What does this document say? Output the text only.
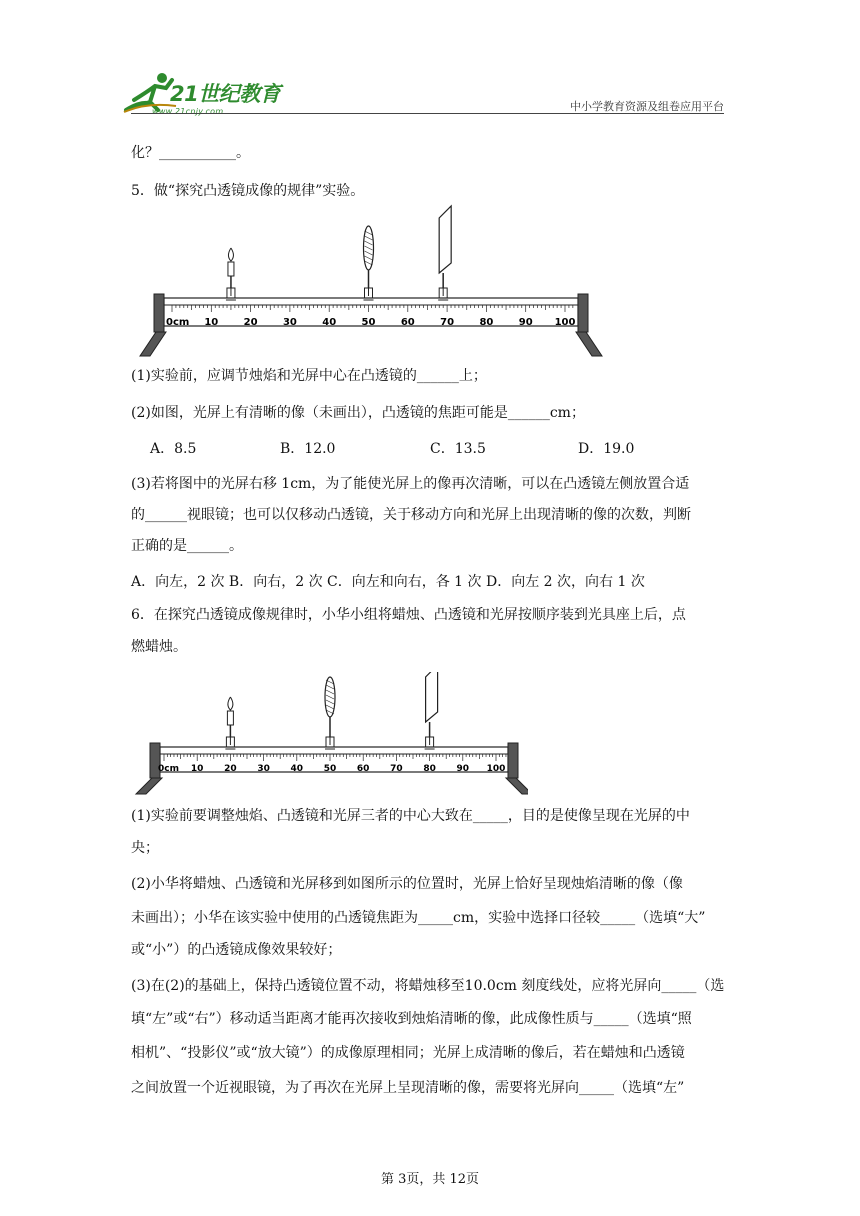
21世纪教育
www.21cnjy.com	中小学教育资源及组卷应用平台
化？___________。
5．做“探究凸透镜成像的规律”实验。
0cm 10	20	30	40	50	60	70	80	90 100
(1)实验前，应调节烛焰和光屏中心在凸透镜的______上；
(2)如图，光屏上有清晰的像（未画出），凸透镜的焦距可能是______cm；
A．8.5	B．12.0	C．13.5	D．19.0
(3)若将图中的光屏右移 1cm，为了能使光屏上的像再次清晰，可以在凸透镜左侧放置合适
的______视眼镜；也可以仅移动凸透镜，关于移动方向和光屏上出现清晰的像的次数，判断
正确的是______。
A．向左，2 次 B．向右，2 次 C．向左和向右，各 1 次 D．向左 2 次，向右 1 次
6．在探究凸透镜成像规律时，小华小组将蜡烛、凸透镜和光屏按顺序装到光具座上后，点
燃蜡烛。
0cm 10 20 30 40 50 60 70 80 90 100
(1)实验前要调整烛焰、凸透镜和光屏三者的中心大致在_____，目的是使像呈现在光屏的中
央；
(2)小华将蜡烛、凸透镜和光屏移到如图所示的位置时，光屏上恰好呈现烛焰清晰的像（像
未画出）；小华在该实验中使用的凸透镜焦距为_____cm，实验中选择口径较_____（选填“大”
或“小”）的凸透镜成像效果较好；
(3)在(2)的基础上，保持凸透镜位置不动，将蜡烛移至10.0cm 刻度线处，应将光屏向_____（选
填“左”或“右”）移动适当距离才能再次接收到烛焰清晰的像，此成像性质与_____（选填“照
相机”、“投影仪”或“放大镜”）的成像原理相同；光屏上成清晰的像后，若在蜡烛和凸透镜
之间放置一个近视眼镜，为了再次在光屏上呈现清晰的像，需要将光屏向_____（选填“左”
第 3页，共 12页
